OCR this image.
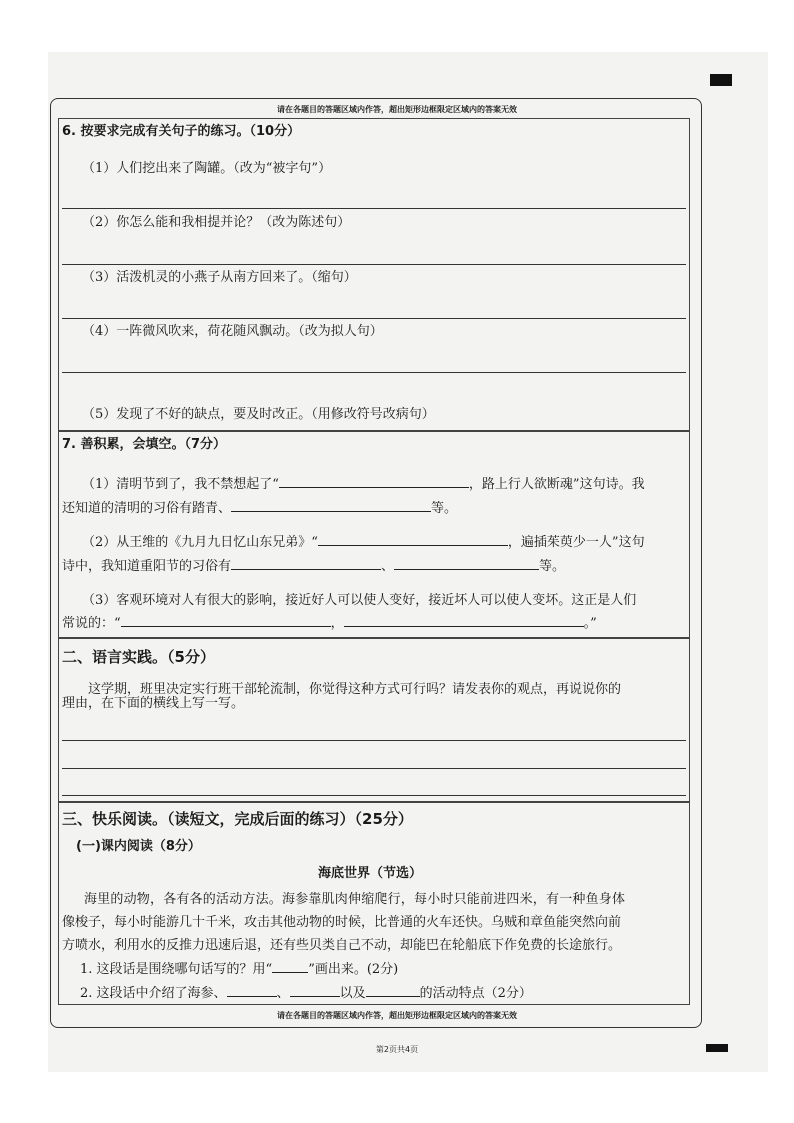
请在各题目的答题区域内作答，超出矩形边框限定区域内的答案无效
6. 按要求完成有关句子的练习。（10分）
（1）人们挖出来了陶罐。（改为“被字句”）
（2）你怎么能和我相提并论？（改为陈述句）
（3）活泼机灵的小燕子从南方回来了。（缩句）
（4）一阵微风吹来，荷花随风飘动。（改为拟人句）
（5）发现了不好的缺点，要及时改正。（用修改符号改病句）
7. 善积累，会填空。（7分）
（1）清明节到了，我不禁想起了“	，路上行人欲断魂”这句诗。我
还知道的清明的习俗有踏青、	等。
（2）从王维的《九月九日忆山东兄弟》“	，遍插茱萸少一人”这句
诗中，我知道重阳节的习俗有	、	等。
（3）客观环境对人有很大的影响，接近好人可以使人变好，接近坏人可以使人变坏。这正是人们
常说的：“	，	。”
二、语言实践。（5分）
这学期，班里决定实行班干部轮流制，你觉得这种方式可行吗？请发表你的观点，再说说你的
理由，在下面的横线上写一写。
三、快乐阅读。（读短文，完成后面的练习）（25分）
(一)课内阅读（8分）
海底世界（节选）
海里的动物，各有各的活动方法。海参靠肌肉伸缩爬行，每小时只能前进四米，有一种鱼身体
像梭子，每小时能游几十千米，攻击其他动物的时候，比普通的火车还快。乌贼和章鱼能突然向前
方喷水，利用水的反推力迅速后退，还有些贝类自己不动，却能巴在轮船底下作免费的长途旅行。
1. 这段话是围绕哪句话写的？用“	”画出来。(2分)
2. 这段话中介绍了海参、	、	以及	的活动特点（2分）
请在各题目的答题区域内作答，超出矩形边框限定区域内的答案无效
第2页共4页
